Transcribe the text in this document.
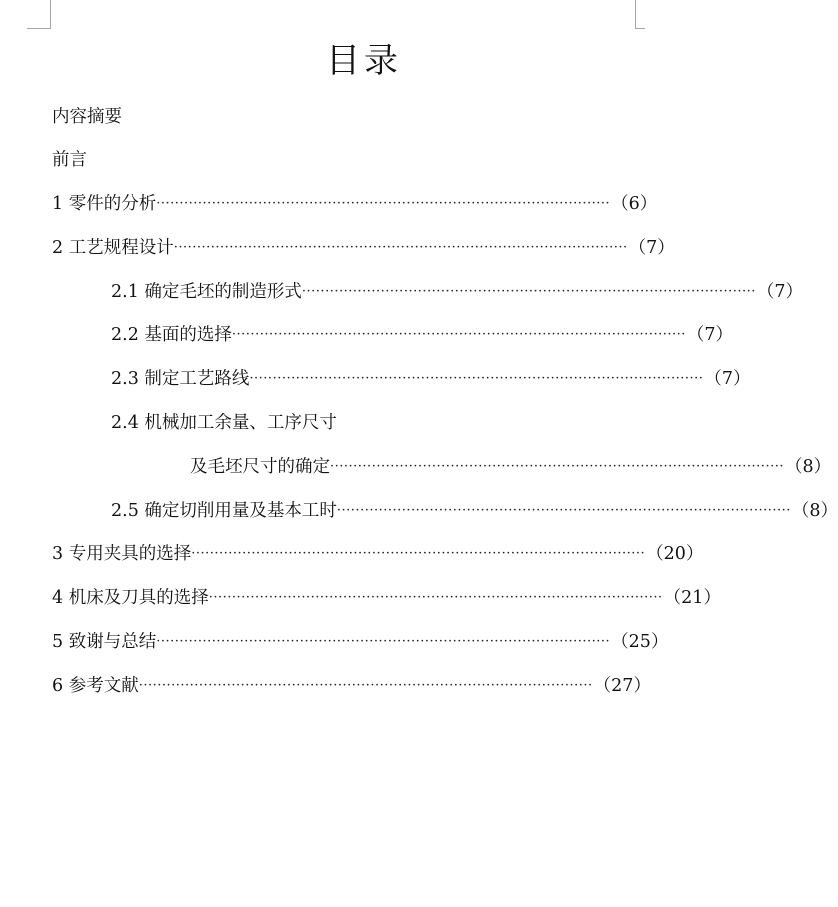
目录
内容摘要
前言
1 零件的分析 ·································································································· （6）
2 工艺规程设计 ·································································································· （7）
2.1 确定毛坯的制造形式 ·································································································· （7）
2.2 基面的选择 ·································································································· （7）
2.3 制定工艺路线 ·································································································· （7）
2.4 机械加工余量、工序尺寸
及毛坯尺寸的确定 ·································································································· （8）
2.5 确定切削用量及基本工时 ·································································································· （8）
3 专用夹具的选择 ·································································································· （20）
4 机床及刀具的选择 ·································································································· （21）
5 致谢与总结 ·································································································· （25）
6 参考文献 ·································································································· （27）
